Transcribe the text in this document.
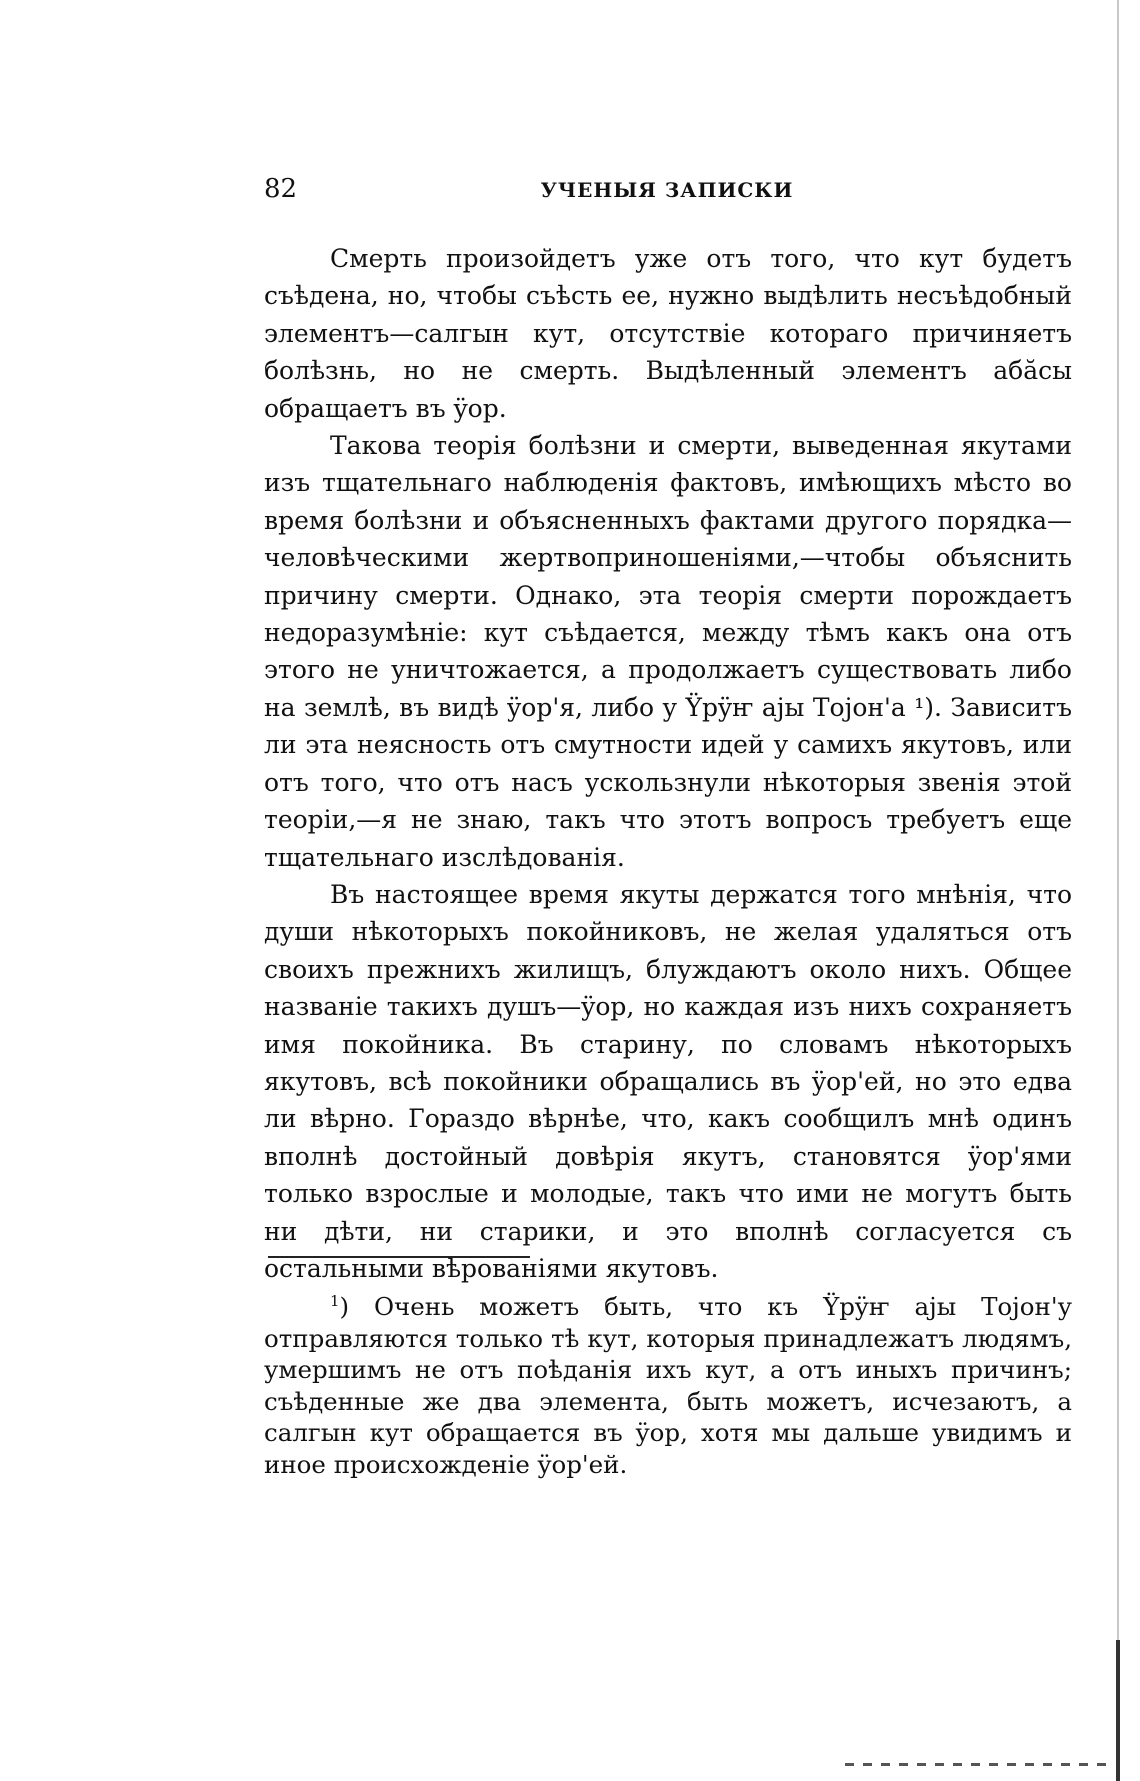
82	УЧЕНЫЯ ЗАПИСКИ

Смерть произойдетъ уже отъ того, что кут будетъ съѣдена, но, чтобы съѣсть ее, нужно выдѣлить несъѣдобный элементъ—салгын кут, отсутствіе котораго причиняетъ болѣзнь, но не смерть. Выдѣленный элементъ абăсы обращаетъ въ ÿор.

Такова теорія болѣзни и смерти, выведенная якутами изъ тщательнаго наблюденія фактовъ, имѣющихъ мѣсто во время болѣзни и объясненныхъ фактами другого порядка—человѣческими жертвоприношеніями,—чтобы объяснить причину смерти. Однако, эта теорія смерти порождаетъ недоразумѣніе: кут съѣдается, между тѣмъ какъ она отъ этого не уничтожается, а продолжаетъ существовать либо на землѣ, въ видѣ ÿор'я, либо у Ÿрÿҥ аjы Тоjон'а ¹). Зависитъ ли эта неясность отъ смутности идей у самихъ якутовъ, или отъ того, что отъ насъ ускользнули нѣкоторыя звенія этой теоріи,—я не знаю, такъ что этотъ вопросъ требуетъ еще тщательнаго изслѣдованія.

Въ настоящее время якуты держатся того мнѣнія, что души нѣкоторыхъ покойниковъ, не желая удаляться отъ своихъ прежнихъ жилищъ, блуждаютъ около нихъ. Общее названіе такихъ душъ—ÿор, но каждая изъ нихъ сохраняетъ имя покойника. Въ старину, по словамъ нѣкоторыхъ якутовъ, всѣ покойники обращались въ ÿор'ей, но это едва ли вѣрно. Гораздо вѣрнѣе, что, какъ сообщилъ мнѣ одинъ вполнѣ достойный довѣрія якутъ, становятся ÿор'ями только взрослые и молодые, такъ что ими не могутъ быть ни дѣти, ни старики, и это вполнѣ согласуется съ остальными вѣрованіями якутовъ.

$^1$) Очень можетъ быть, что къ Ÿрÿҥ аjы Тоjон'у отправляются только тѣ кут, которыя принадлежатъ людямъ, умершимъ не отъ поѣданія ихъ кут, а отъ иныхъ причинъ; съѣденные же два элемента, быть можетъ, исчезаютъ, а салгын кут обращается въ ÿор, хотя мы дальше увидимъ и иное происхожденіе ÿор'ей.
